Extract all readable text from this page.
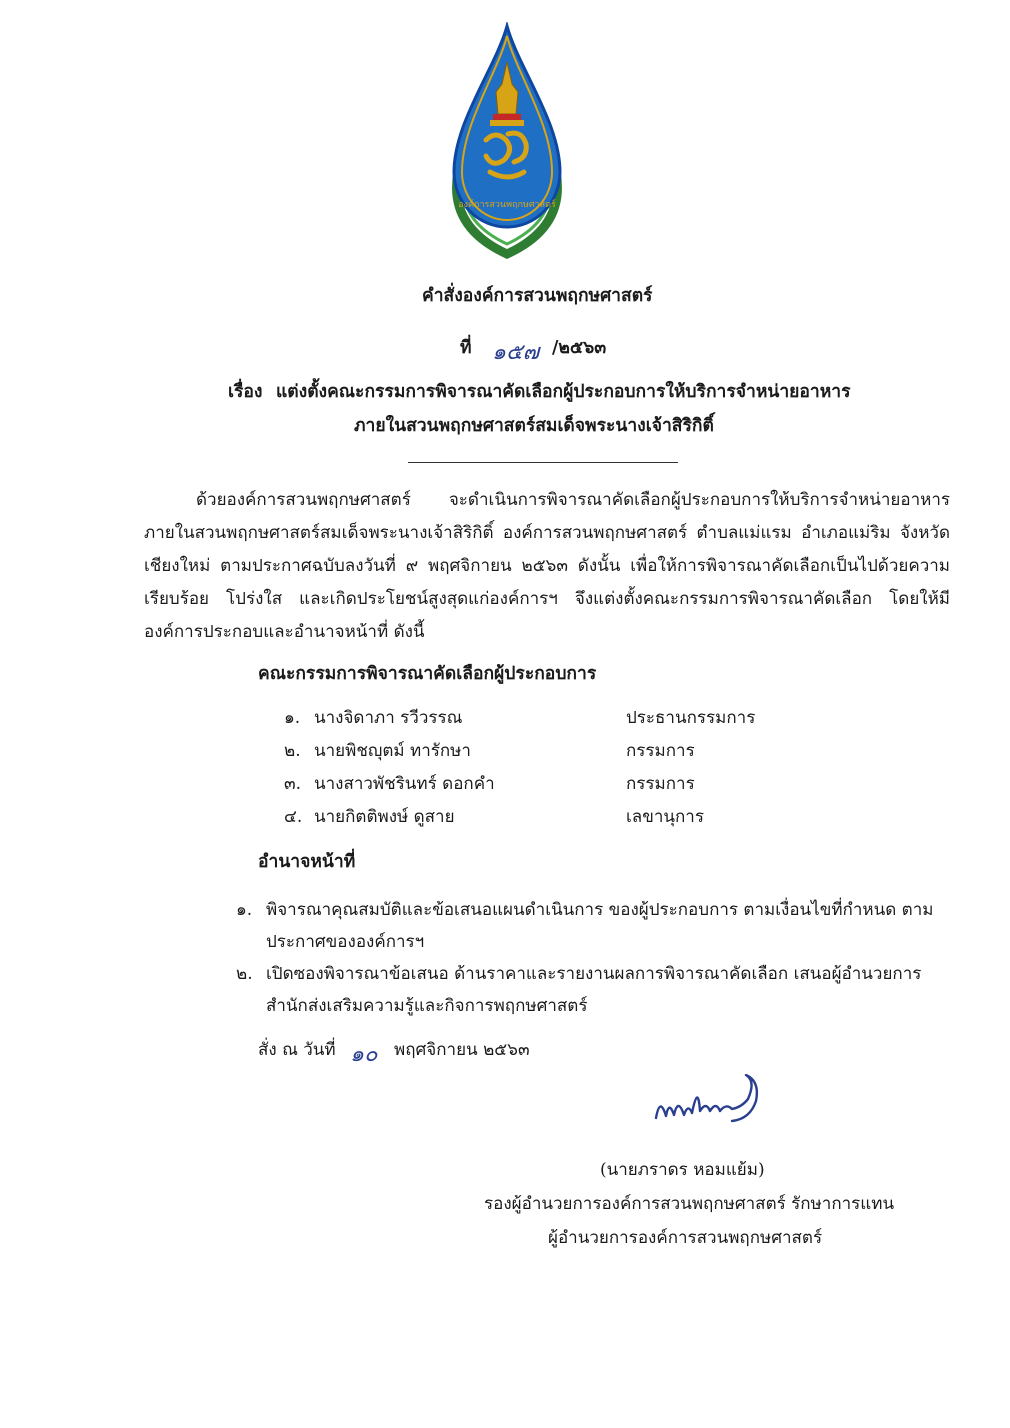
องค์การสวนพฤกษศาสตร์
คำสั่งองค์การสวนพฤกษศาสตร์
ที่ ๑๕๗ /๒๕๖๓
เรื่อง แต่งตั้งคณะกรรมการพิจารณาคัดเลือกผู้ประกอบการให้บริการจำหน่ายอาหาร
ภายในสวนพฤกษศาสตร์สมเด็จพระนางเจ้าสิริกิติ์
ด้วยองค์การสวนพฤกษศาสตร์ จะดำเนินการพิจารณาคัดเลือกผู้ประกอบการให้บริการจำหน่ายอาหาร ภายในสวนพฤกษศาสตร์สมเด็จพระนางเจ้าสิริกิติ์ องค์การสวนพฤกษศาสตร์ ตำบลแม่แรม อำเภอแม่ริม จังหวัดเชียงใหม่ ตามประกาศฉบับลงวันที่ ๙ พฤศจิกายน ๒๕๖๓ ดังนั้น เพื่อให้การพิจารณาคัดเลือกเป็นไปด้วยความเรียบร้อย โปร่งใส และเกิดประโยชน์สูงสุดแก่องค์การฯ จึงแต่งตั้งคณะกรรมการพิจารณาคัดเลือก โดยให้มีองค์การประกอบและอำนาจหน้าที่ ดังนี้
คณะกรรมการพิจารณาคัดเลือกผู้ประกอบการ
๑. นางจิดาภา รวีวรรณ	ประธานกรรมการ
๒. นายพิชญุตม์ ทารักษา	กรรมการ
๓. นางสาวพัชรินทร์ ดอกคำ	กรรมการ
๔. นายกิตติพงษ์ ดูสาย	เลขานุการ
อำนาจหน้าที่
๑. พิจารณาคุณสมบัติและข้อเสนอแผนดำเนินการ ของผู้ประกอบการ ตามเงื่อนไขที่กำหนด ตาม
ประกาศขององค์การฯ
๒. เปิดซองพิจารณาข้อเสนอ ด้านราคาและรายงานผลการพิจารณาคัดเลือก เสนอผู้อำนวยการ
สำนักส่งเสริมความรู้และกิจการพฤกษศาสตร์
สั่ง ณ วันที่ ๑๐ พฤศจิกายน ๒๕๖๓
(นายภราดร หอมแย้ม)
รองผู้อำนวยการองค์การสวนพฤกษศาสตร์ รักษาการแทน
ผู้อำนวยการองค์การสวนพฤกษศาสตร์
